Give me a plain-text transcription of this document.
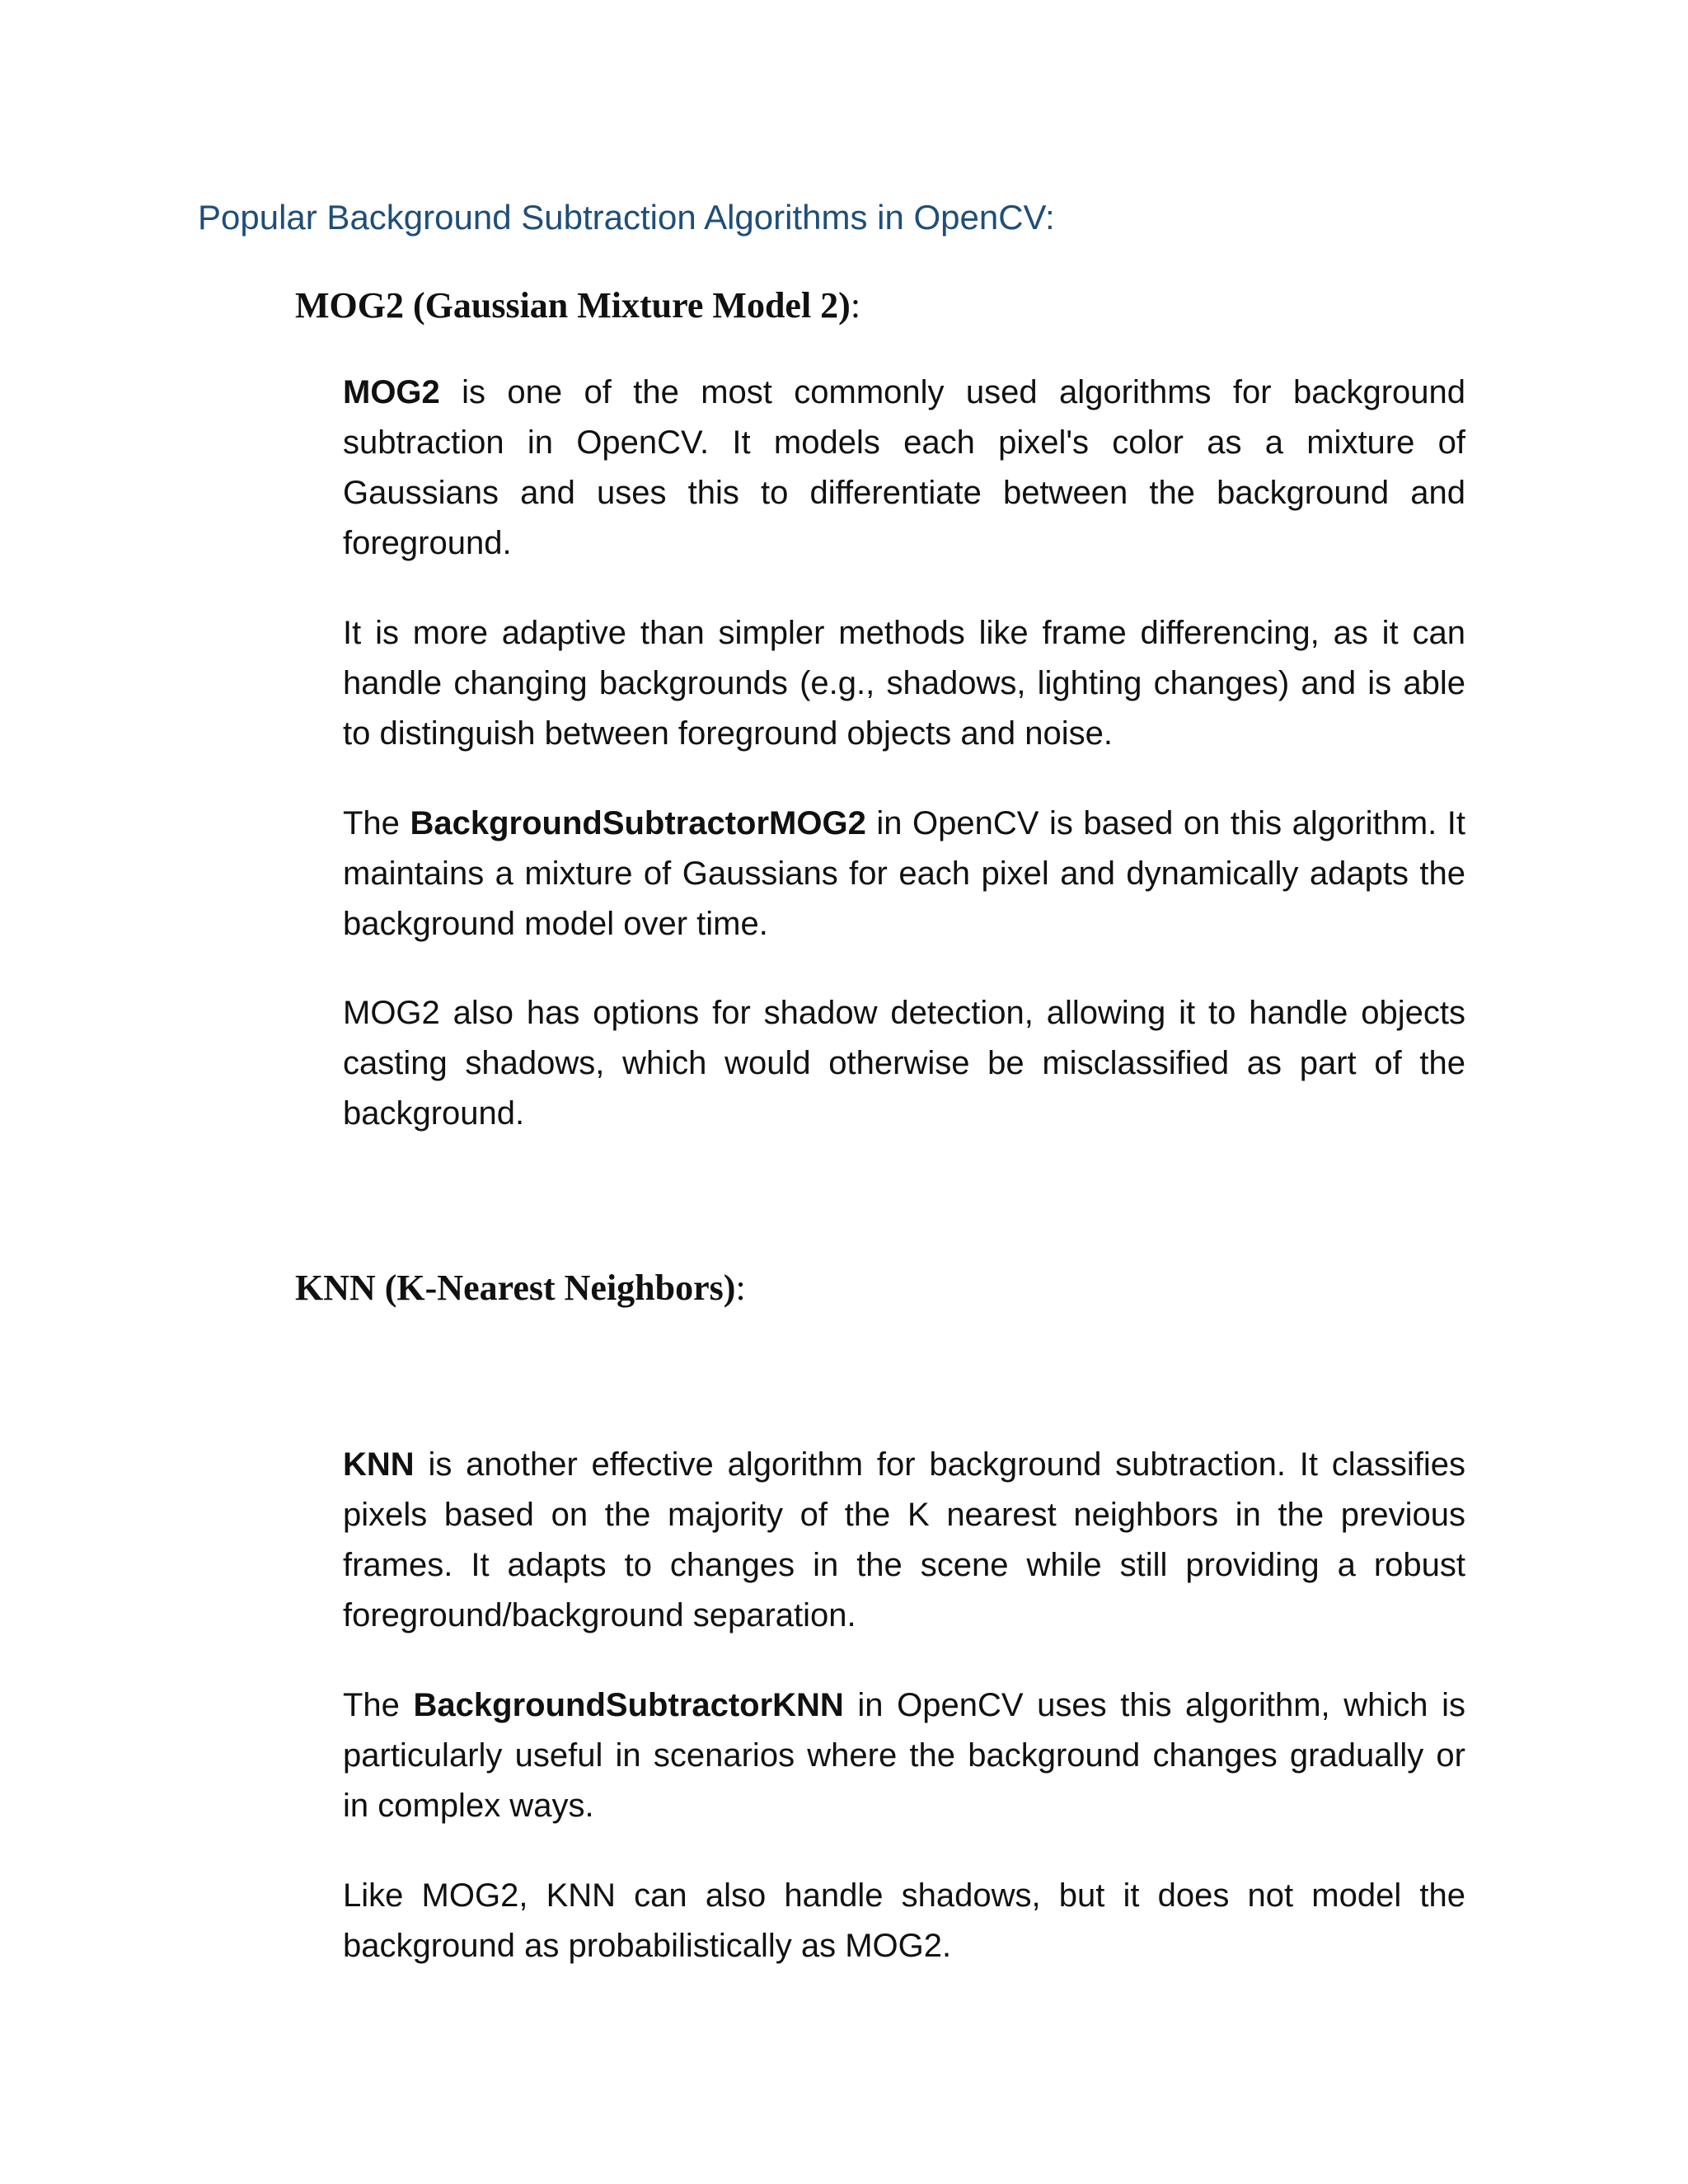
Popular Background Subtraction Algorithms in OpenCV:
MOG2 (Gaussian Mixture Model 2):

MOG2 is one of the most commonly used algorithms for background subtraction in OpenCV. It models each pixel's color as a mixture of Gaussians and uses this to differentiate between the background and foreground.

It is more adaptive than simpler methods like frame differencing, as it can handle changing backgrounds (e.g., shadows, lighting changes) and is able to distinguish between foreground objects and noise.

The BackgroundSubtractorMOG2 in OpenCV is based on this algorithm. It maintains a mixture of Gaussians for each pixel and dynamically adapts the background model over time.

MOG2 also has options for shadow detection, allowing it to handle objects casting shadows, which would otherwise be misclassified as part of the background.

KNN (K-Nearest Neighbors):

KNN is another effective algorithm for background subtraction. It classifies pixels based on the majority of the K nearest neighbors in the previous frames. It adapts to changes in the scene while still providing a robust foreground/background separation.

The BackgroundSubtractorKNN in OpenCV uses this algorithm, which is particularly useful in scenarios where the background changes gradually or in complex ways.

Like MOG2, KNN can also handle shadows, but it does not model the background as probabilistically as MOG2.
